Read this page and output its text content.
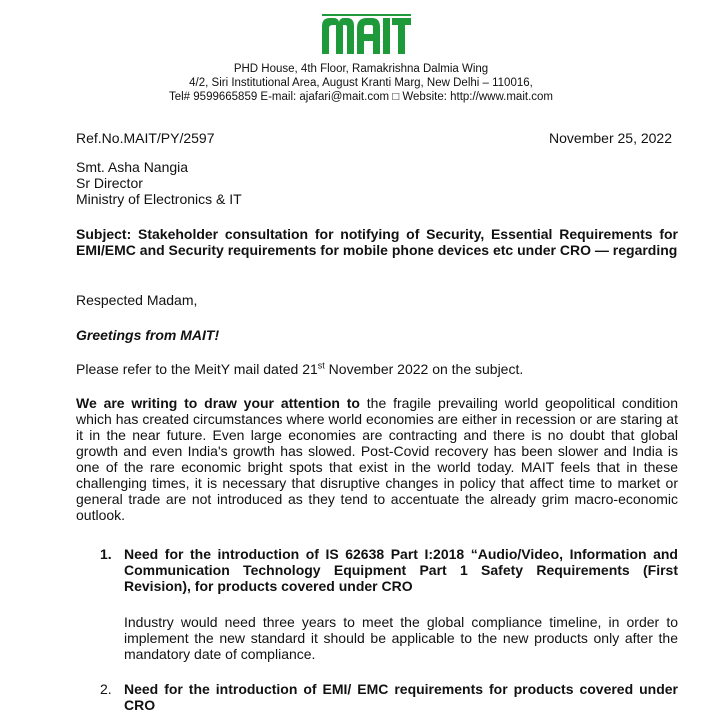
PHD House, 4th Floor, Ramakrishna Dalmia Wing
4/2, Siri Institutional Area, August Kranti Marg, New Delhi – 110016,
Tel# 9599665859 E-mail: ajafari@mait.com □ Website: http://www.mait.com
Ref.No.MAIT/PY/2597	November 25, 2022
Smt. Asha Nangia
Sr Director
Ministry of Electronics & IT
Subject: Stakeholder consultation for notifying of Security, Essential Requirements for EMI/EMC and Security requirements for mobile phone devices etc under CRO — regarding
Respected Madam,
Greetings from MAIT!
Please refer to the MeitY mail dated 21st November 2022 on the subject.
We are writing to draw your attention to the fragile prevailing world geopolitical condition which has created circumstances where world economies are either in recession or are staring at it in the near future. Even large economies are contracting and there is no doubt that global growth and even India's growth has slowed. Post-Covid recovery has been slower and India is one of the rare economic bright spots that exist in the world today. MAIT feels that in these challenging times, it is necessary that disruptive changes in policy that affect time to market or general trade are not introduced as they tend to accentuate the already grim macro-economic outlook.
1. Need for the introduction of IS 62638 Part I:2018 “Audio/Video, Information and Communication Technology Equipment Part 1 Safety Requirements (First Revision), for products covered under CRO
Industry would need three years to meet the global compliance timeline, in order to implement the new standard it should be applicable to the new products only after the mandatory date of compliance.
2. Need for the introduction of EMI/ EMC requirements for products covered under CRO
